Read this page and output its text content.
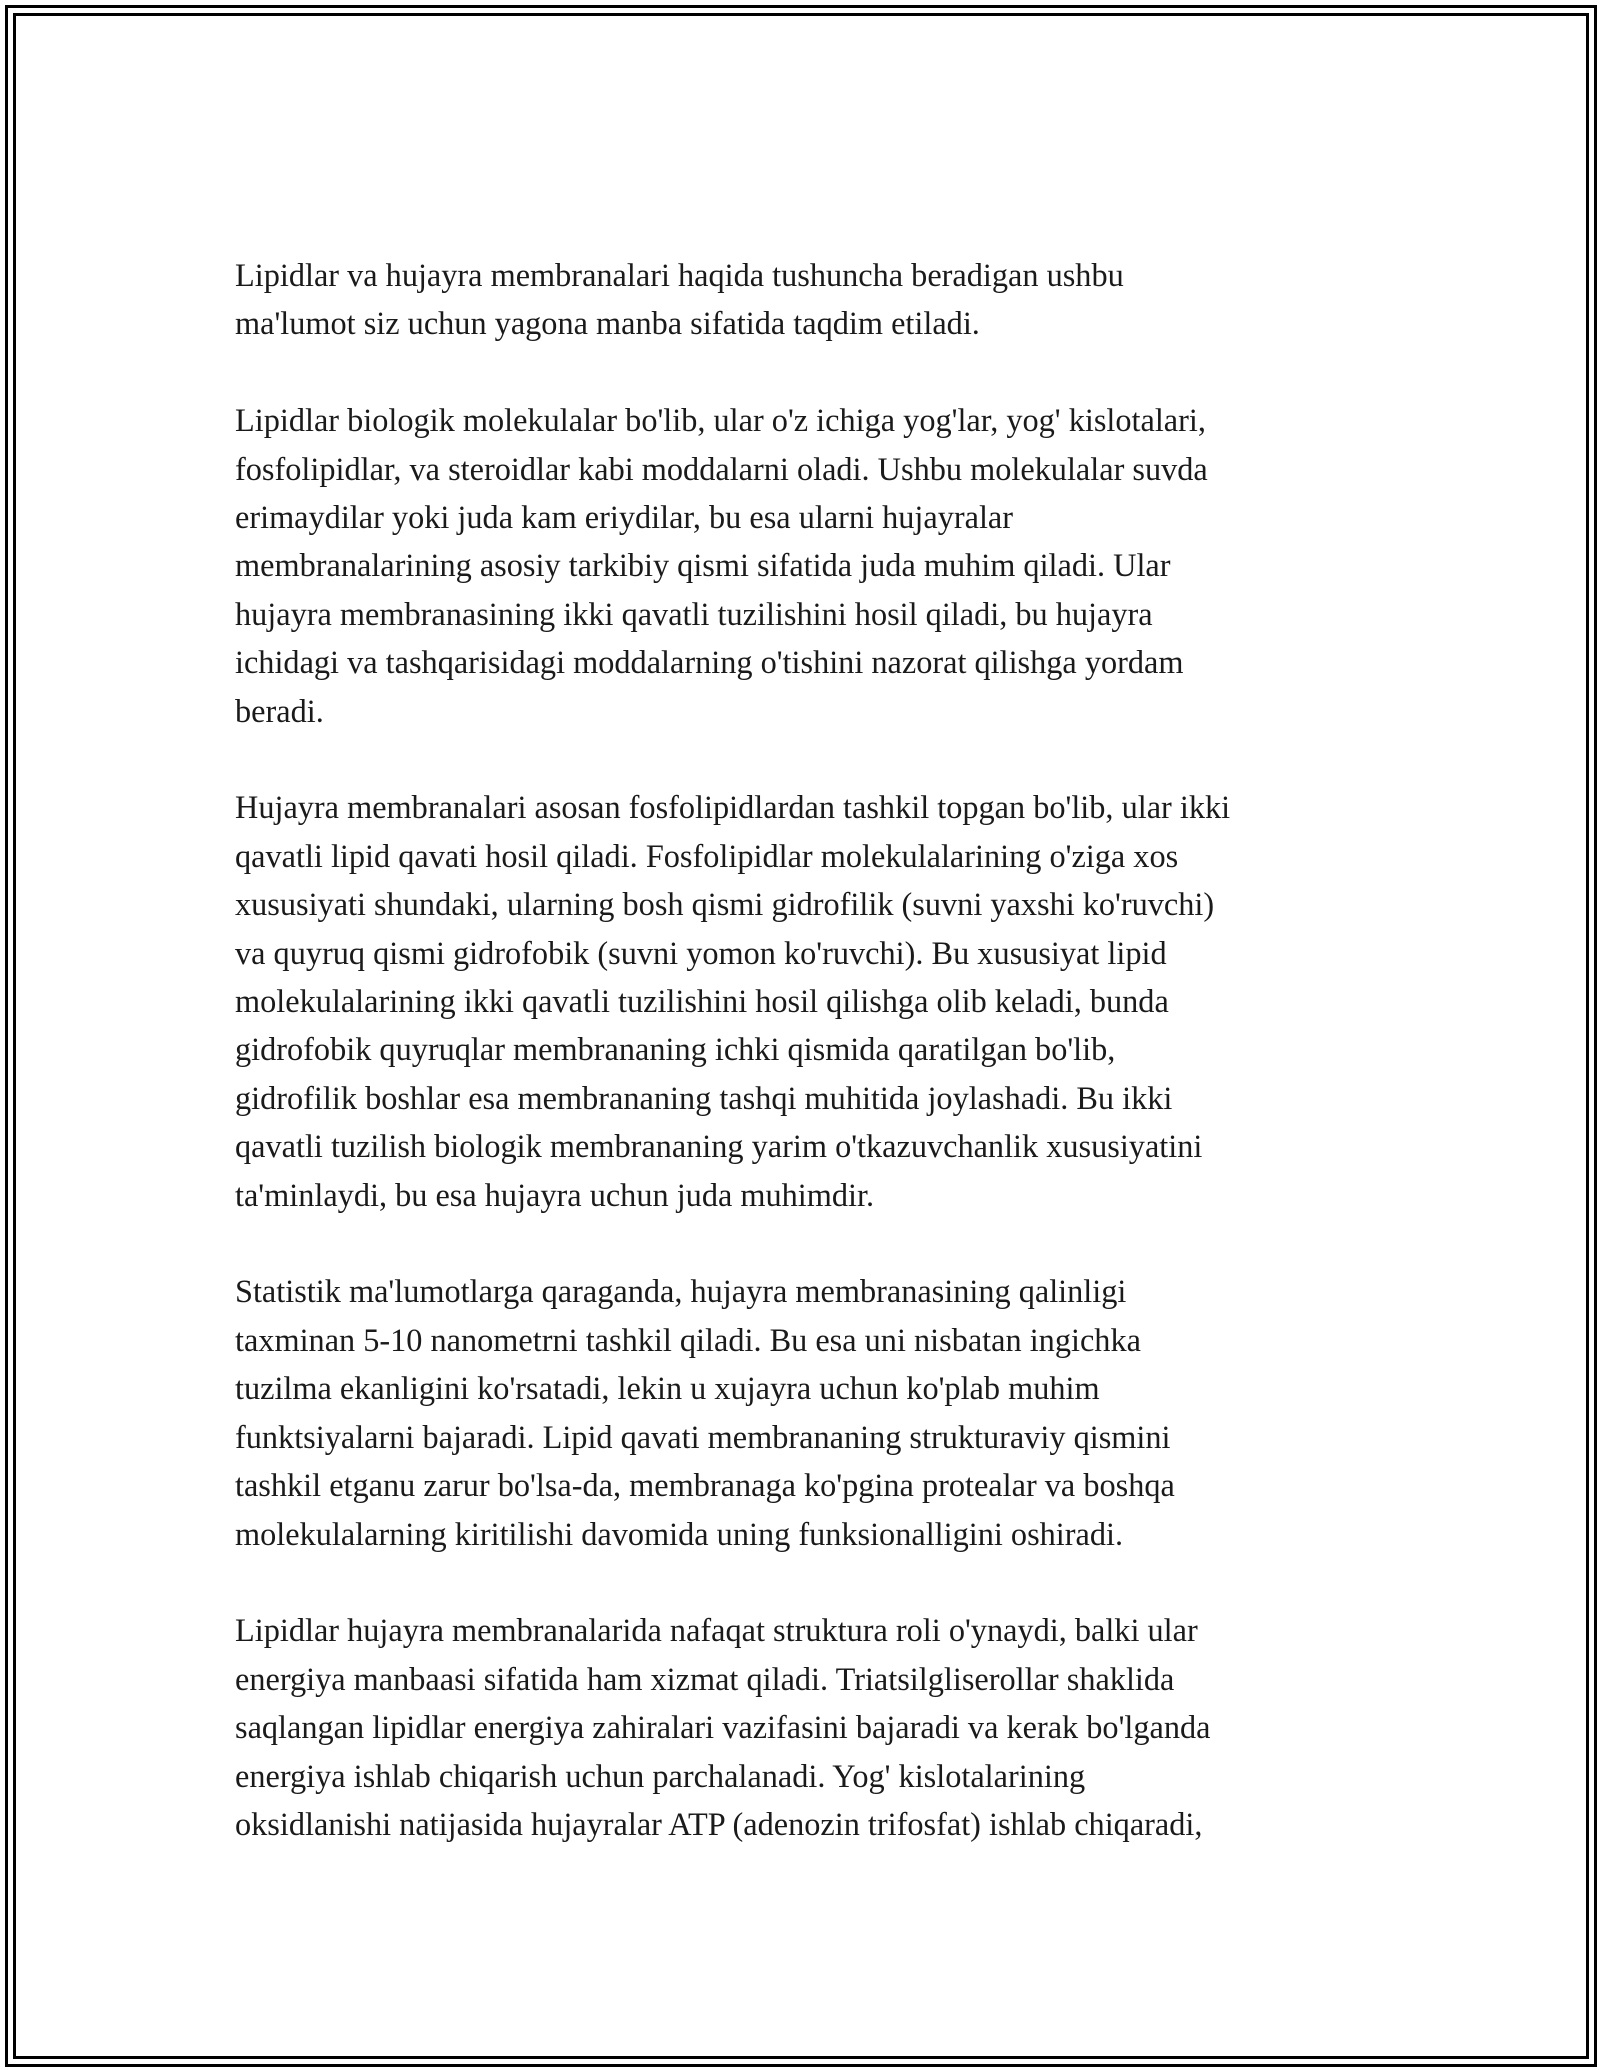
Lipidlar va hujayra membranalari haqida tushuncha beradigan ushbu
ma'lumot siz uchun yagona manba sifatida taqdim etiladi.

Lipidlar biologik molekulalar bo'lib, ular o'z ichiga yog'lar, yog' kislotalari,
fosfolipidlar, va steroidlar kabi moddalarni oladi. Ushbu molekulalar suvda
erimaydilar yoki juda kam eriydilar, bu esa ularni hujayralar
membranalarining asosiy tarkibiy qismi sifatida juda muhim qiladi. Ular
hujayra membranasining ikki qavatli tuzilishini hosil qiladi, bu hujayra
ichidagi va tashqarisidagi moddalarning o'tishini nazorat qilishga yordam
beradi.

Hujayra membranalari asosan fosfolipidlardan tashkil topgan bo'lib, ular ikki
qavatli lipid qavati hosil qiladi. Fosfolipidlar molekulalarining o'ziga xos
xususiyati shundaki, ularning bosh qismi gidrofilik (suvni yaxshi ko'ruvchi)
va quyruq qismi gidrofobik (suvni yomon ko'ruvchi). Bu xususiyat lipid
molekulalarining ikki qavatli tuzilishini hosil qilishga olib keladi, bunda
gidrofobik quyruqlar membrananing ichki qismida qaratilgan bo'lib,
gidrofilik boshlar esa membrananing tashqi muhitida joylashadi. Bu ikki
qavatli tuzilish biologik membrananing yarim o'tkazuvchanlik xususiyatini
ta'minlaydi, bu esa hujayra uchun juda muhimdir.

Statistik ma'lumotlarga qaraganda, hujayra membranasining qalinligi
taxminan 5-10 nanometrni tashkil qiladi. Bu esa uni nisbatan ingichka
tuzilma ekanligini ko'rsatadi, lekin u xujayra uchun ko'plab muhim
funktsiyalarni bajaradi. Lipid qavati membrananing strukturaviy qismini
tashkil etganu zarur bo'lsa-da, membranaga ko'pgina protealar va boshqa
molekulalarning kiritilishi davomida uning funksionalligini oshiradi.

Lipidlar hujayra membranalarida nafaqat struktura roli o'ynaydi, balki ular
energiya manbaasi sifatida ham xizmat qiladi. Triatsilgliserollar shaklida
saqlangan lipidlar energiya zahiralari vazifasini bajaradi va kerak bo'lganda
energiya ishlab chiqarish uchun parchalanadi. Yog' kislotalarining
oksidlanishi natijasida hujayralar ATP (adenozin trifosfat) ishlab chiqaradi,
